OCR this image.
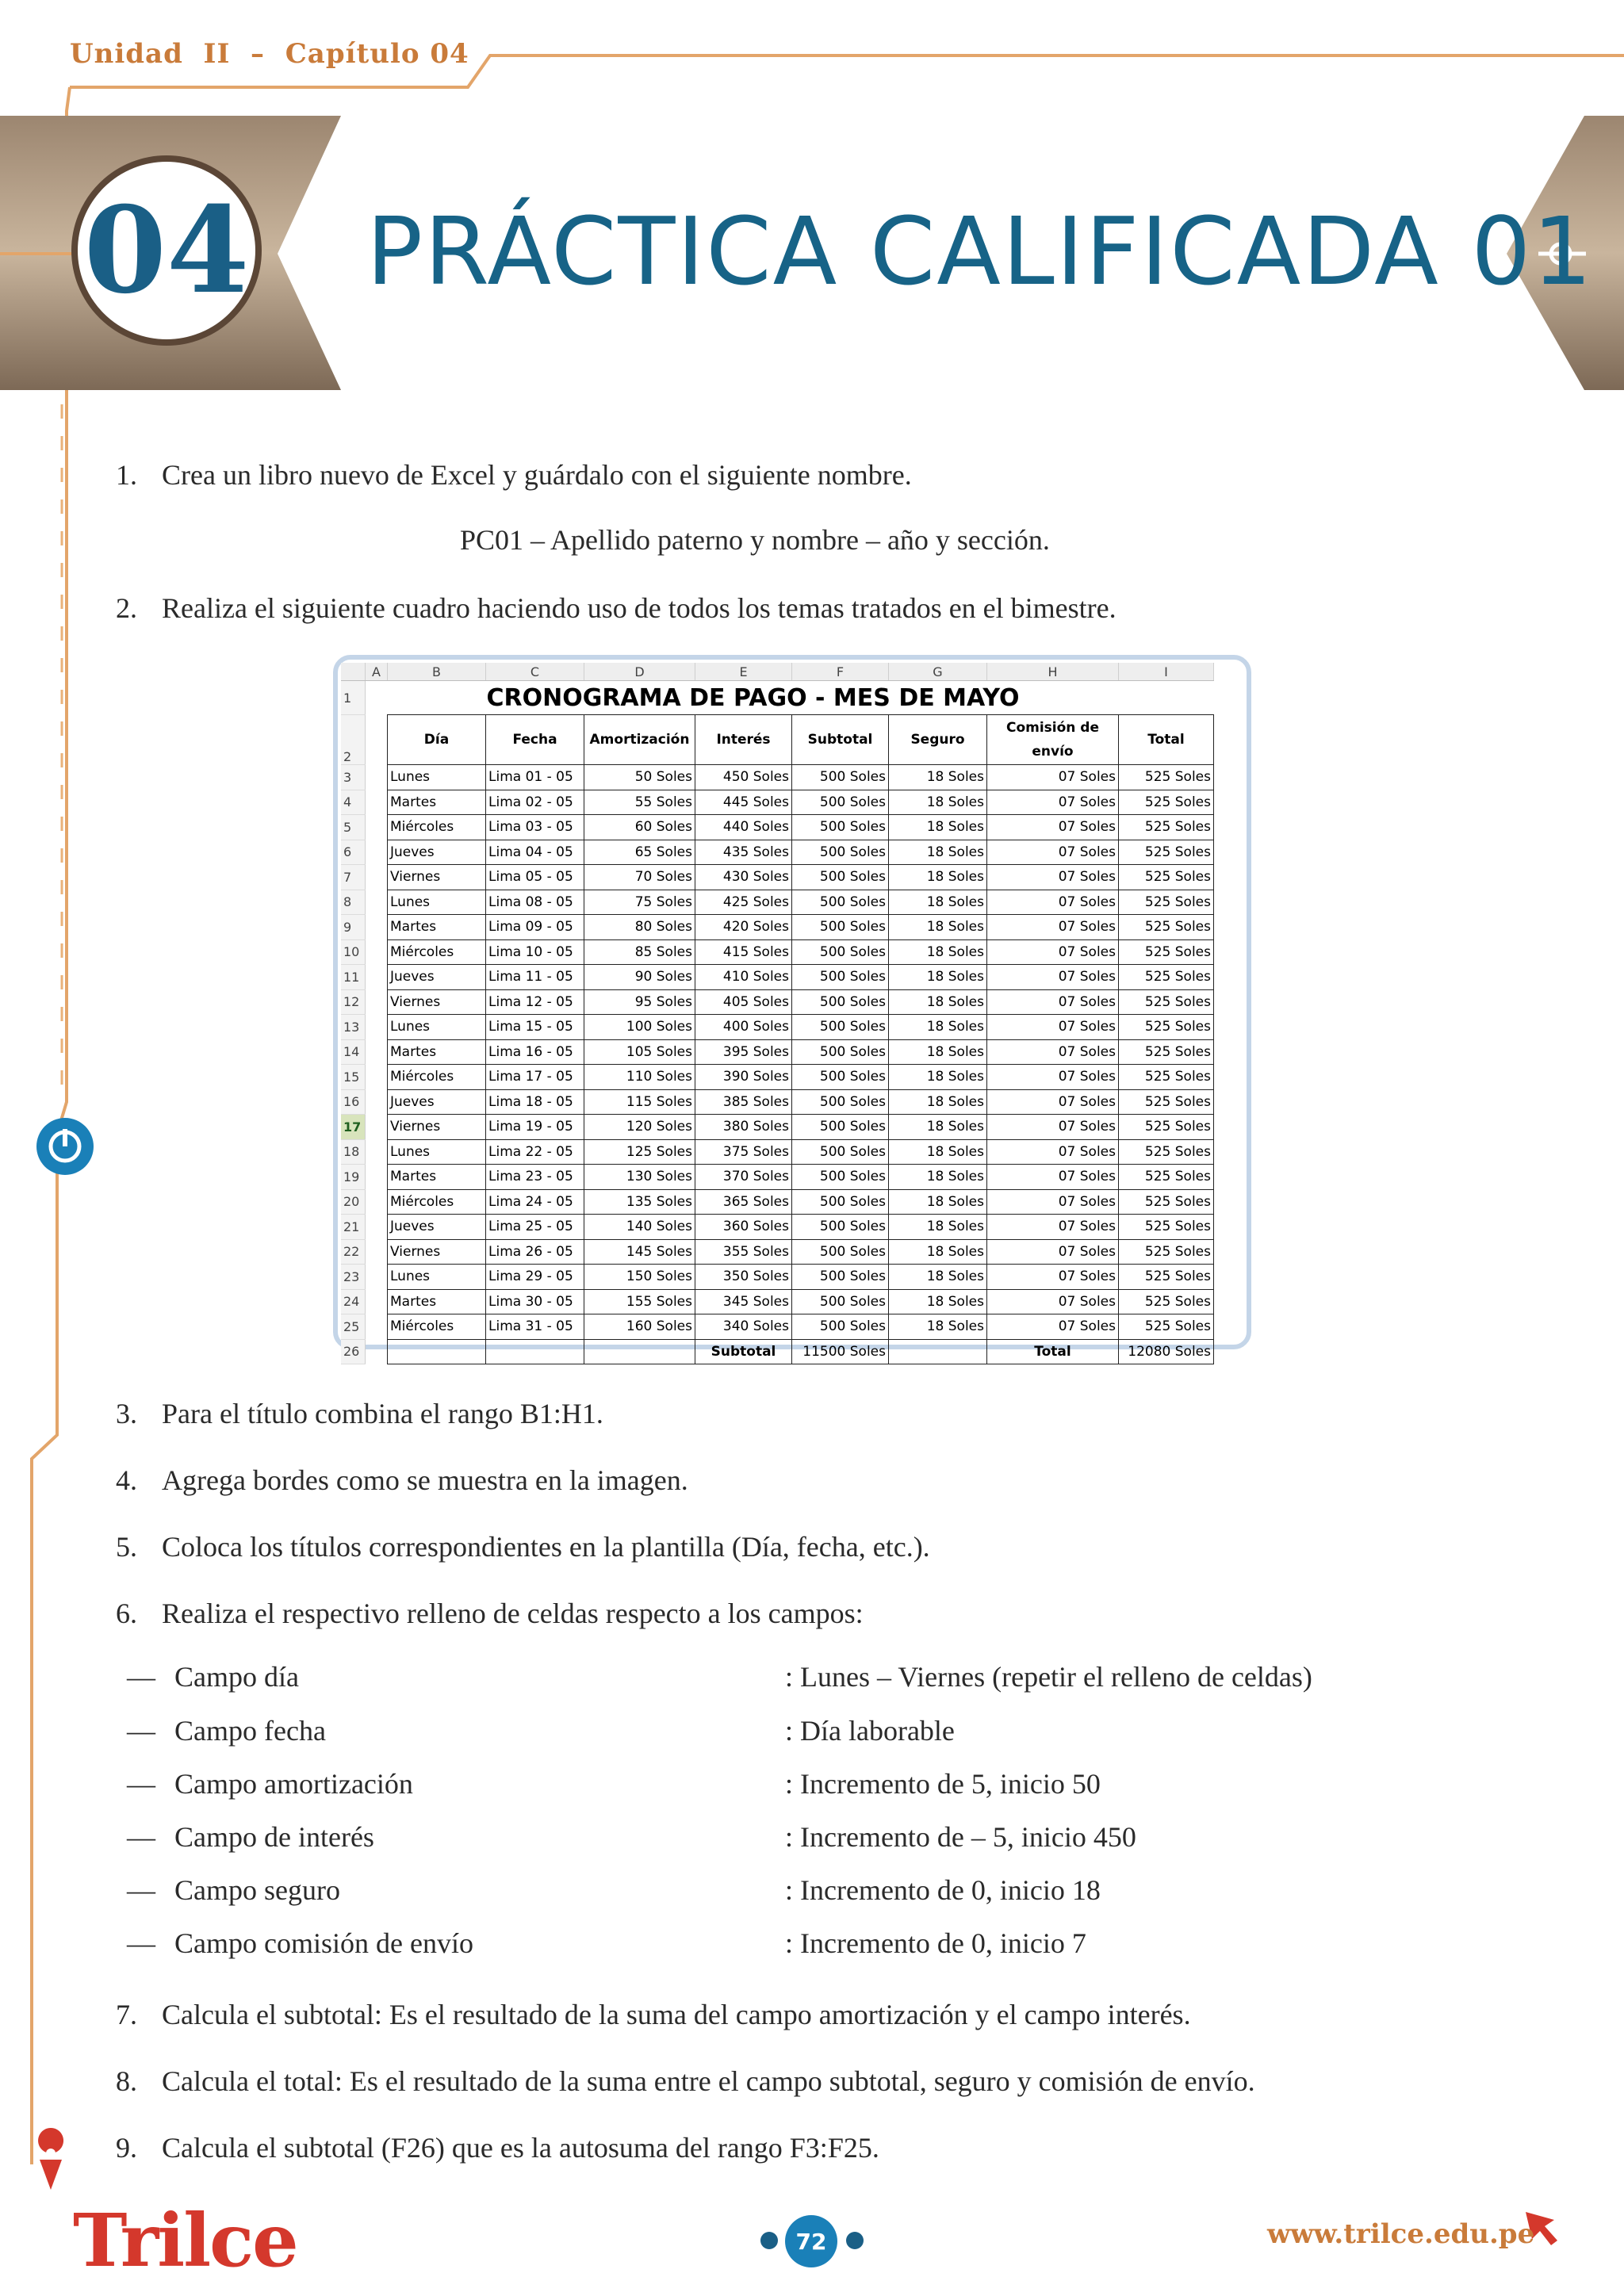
Unidad  II – Capítulo 04
04 PRÁCTICA CALIFICADA 01
1. Crea un libro nuevo de Excel y guárdalo con el siguiente nombre.
PC01 – Apellido paterno y nombre – año y sección.
2. Realiza el siguiente cuadro haciendo uso de todos los temas tratados en el bimestre.
	A	B	C	D	E	F	G	H	I
1		CRONOGRAMA DE PAGO - MES DE MAYO							
2		Día	Fecha	Amortización	Interés	Subtotal	Seguro	Comisión de envío	Total
3		Lunes	Lima 01 - 05	50 Soles	450 Soles	500 Soles	18 Soles	07 Soles	525 Soles
4		Martes	Lima 02 - 05	55 Soles	445 Soles	500 Soles	18 Soles	07 Soles	525 Soles
5		Miércoles	Lima 03 - 05	60 Soles	440 Soles	500 Soles	18 Soles	07 Soles	525 Soles
6		Jueves	Lima 04 - 05	65 Soles	435 Soles	500 Soles	18 Soles	07 Soles	525 Soles
7		Viernes	Lima 05 - 05	70 Soles	430 Soles	500 Soles	18 Soles	07 Soles	525 Soles
8		Lunes	Lima 08 - 05	75 Soles	425 Soles	500 Soles	18 Soles	07 Soles	525 Soles
9		Martes	Lima 09 - 05	80 Soles	420 Soles	500 Soles	18 Soles	07 Soles	525 Soles
10		Miércoles	Lima 10 - 05	85 Soles	415 Soles	500 Soles	18 Soles	07 Soles	525 Soles
11		Jueves	Lima 11 - 05	90 Soles	410 Soles	500 Soles	18 Soles	07 Soles	525 Soles
12		Viernes	Lima 12 - 05	95 Soles	405 Soles	500 Soles	18 Soles	07 Soles	525 Soles
13		Lunes	Lima 15 - 05	100 Soles	400 Soles	500 Soles	18 Soles	07 Soles	525 Soles
14		Martes	Lima 16 - 05	105 Soles	395 Soles	500 Soles	18 Soles	07 Soles	525 Soles
15		Miércoles	Lima 17 - 05	110 Soles	390 Soles	500 Soles	18 Soles	07 Soles	525 Soles
16		Jueves	Lima 18 - 05	115 Soles	385 Soles	500 Soles	18 Soles	07 Soles	525 Soles
17		Viernes	Lima 19 - 05	120 Soles	380 Soles	500 Soles	18 Soles	07 Soles	525 Soles
18		Lunes	Lima 22 - 05	125 Soles	375 Soles	500 Soles	18 Soles	07 Soles	525 Soles
19		Martes	Lima 23 - 05	130 Soles	370 Soles	500 Soles	18 Soles	07 Soles	525 Soles
20		Miércoles	Lima 24 - 05	135 Soles	365 Soles	500 Soles	18 Soles	07 Soles	525 Soles
21		Jueves	Lima 25 - 05	140 Soles	360 Soles	500 Soles	18 Soles	07 Soles	525 Soles
22		Viernes	Lima 26 - 05	145 Soles	355 Soles	500 Soles	18 Soles	07 Soles	525 Soles
23		Lunes	Lima 29 - 05	150 Soles	350 Soles	500 Soles	18 Soles	07 Soles	525 Soles
24		Martes	Lima 30 - 05	155 Soles	345 Soles	500 Soles	18 Soles	07 Soles	525 Soles
25		Miércoles	Lima 31 - 05	160 Soles	340 Soles	500 Soles	18 Soles	07 Soles	525 Soles
26					Subtotal	11500 Soles		Total	12080 Soles
3. Para el título combina el rango B1:H1.
4. Agrega bordes como se muestra en la imagen.
5. Coloca los títulos correspondientes en la plantilla (Día, fecha, etc.).
6. Realiza el respectivo relleno de celdas respecto a los campos:
— Campo día	: Lunes – Viernes (repetir el relleno de celdas)
— Campo fecha	: Día laborable
— Campo amortización	: Incremento de 5, inicio 50
— Campo de interés	: Incremento de – 5, inicio 450
— Campo seguro	: Incremento de 0, inicio 18
— Campo comisión de envío	: Incremento de 0, inicio 7
7. Calcula el subtotal: Es el resultado de la suma del campo amortización y el campo interés.
8. Calcula el total: Es el resultado de la suma entre el campo subtotal, seguro y comisión de envío.
9. Calcula el subtotal (F26) que es la autosuma del rango F3:F25.
Trilce	72	www.trilce.edu.pe
